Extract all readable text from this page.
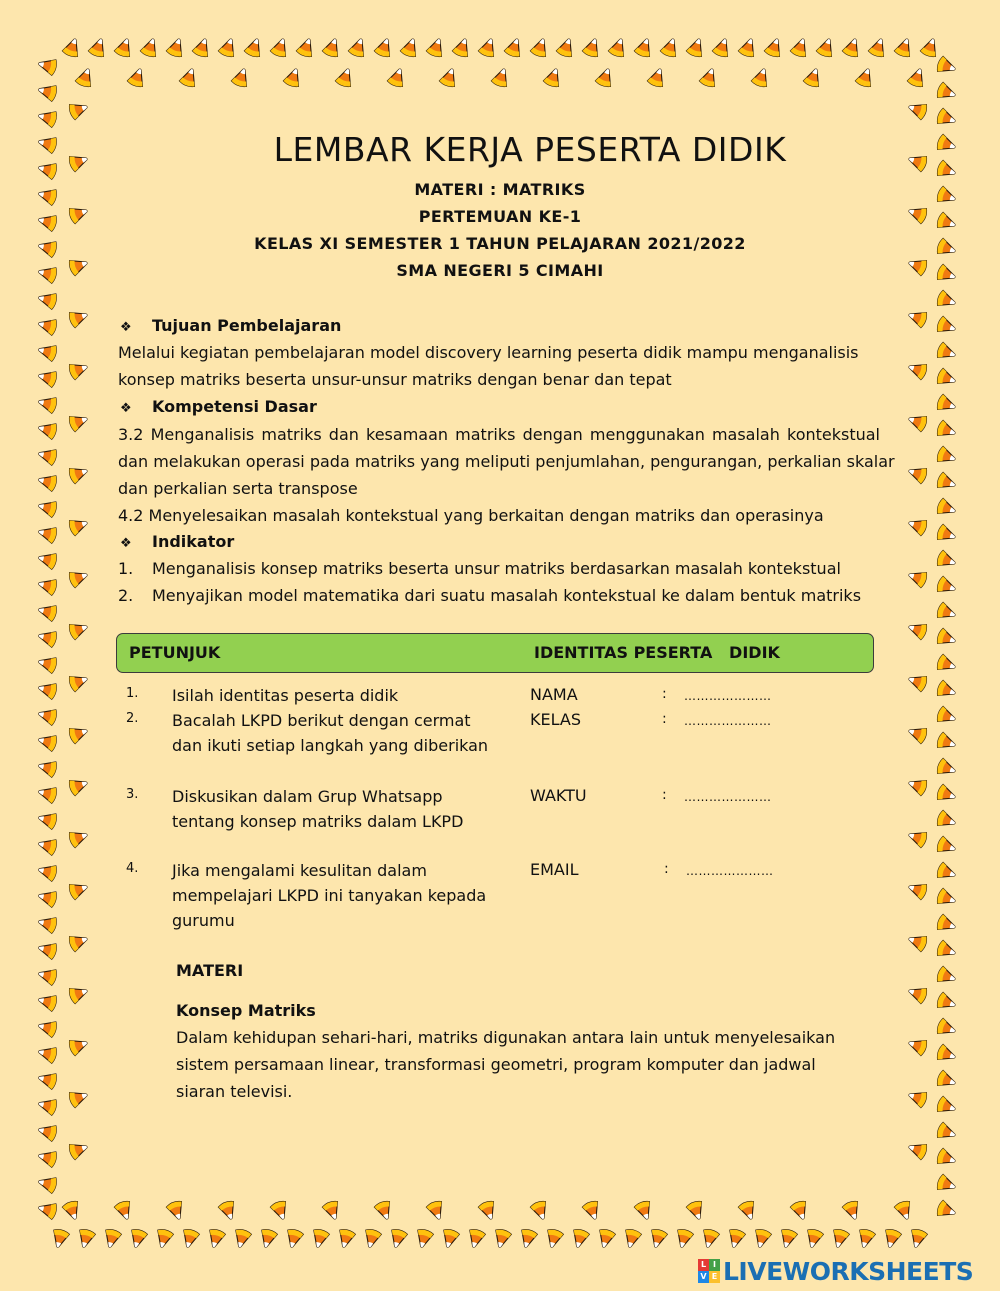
LEMBAR KERJA PESERTA DIDIK
MATERI : MATRIKS
PERTEMUAN KE-1
KELAS XI SEMESTER 1 TAHUN PELAJARAN 2021/2022
SMA NEGERI 5 CIMAHI
❖ Tujuan Pembelajaran
Melalui kegiatan pembelajaran model discovery learning peserta didik mampu menganalisis
konsep matriks beserta unsur-unsur matriks dengan benar dan tepat
❖ Kompetensi Dasar
3.2 Menganalisis matriks dan kesamaan matriks dengan menggunakan masalah kontekstual
dan melakukan operasi pada matriks yang meliputi penjumlahan, pengurangan, perkalian skalar
dan perkalian serta transpose
4.2 Menyelesaikan masalah kontekstual yang berkaitan dengan matriks dan operasinya
❖ Indikator
1. Menganalisis konsep matriks beserta unsur matriks berdasarkan masalah kontekstual
2. Menyajikan model matematika dari suatu masalah kontekstual ke dalam bentuk matriks
PETUNJUK	IDENTITAS PESERTA   DIDIK
1. Isilah identitas peserta didik
2. Bacalah LKPD berikut dengan cermat dan ikuti setiap langkah yang diberikan
3. Diskusikan dalam Grup Whatsapp tentang konsep matriks dalam LKPD
4. Jika mengalami kesulitan dalam mempelajari LKPD ini tanyakan kepada gurumu
NAMA	: …………………
KELAS	: …………………
WAKTU	: …………………
EMAIL	: …………………
MATERI
Konsep Matriks
Dalam kehidupan sehari-hari, matriks digunakan antara lain untuk menyelesaikan
sistem persamaan linear, transformasi geometri, program komputer dan jadwal
siaran televisi.
L I
V E LIVEWORKSHEETS
